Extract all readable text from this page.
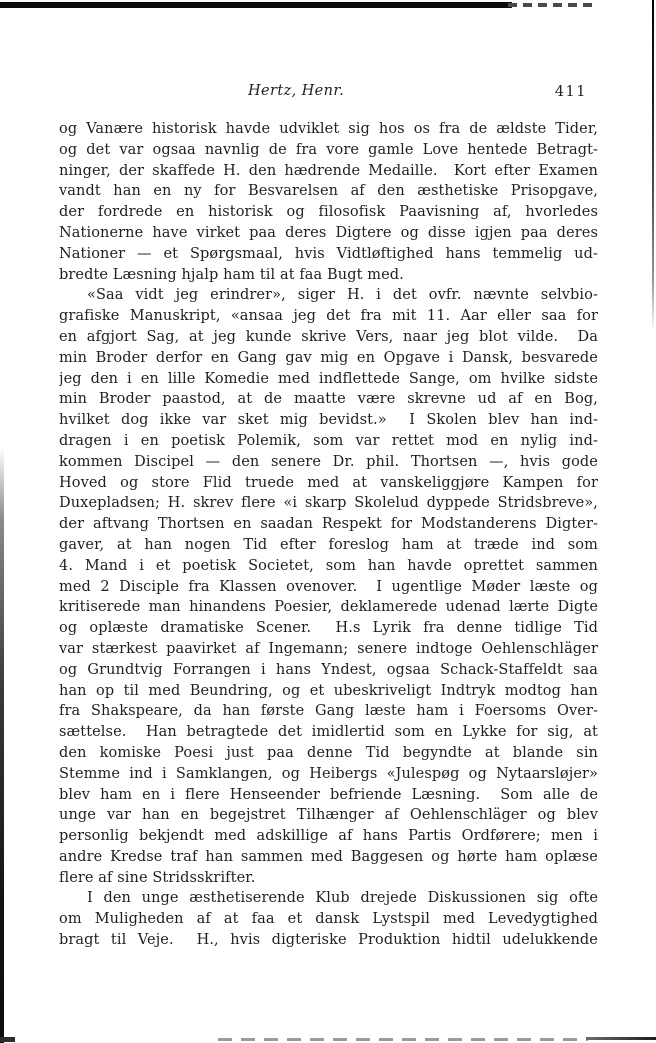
Hertz, Henr.	411
og Vanære historisk havde udviklet sig hos os fra de ældste Tider,
og det var ogsaa navnlig de fra vore gamle Love hentede Betragt-
ninger, der skaffede H. den hædrende Medaille.  Kort efter Examen
vandt han en ny for Besvarelsen af den æsthetiske Prisopgave,
der fordrede en historisk og filosofisk Paavisning af, hvorledes
Nationerne have virket paa deres Digtere og disse igjen paa deres
Nationer — et Spørgsmaal, hvis Vidtløftighed hans temmelig ud-
bredte Læsning hjalp ham til at faa Bugt med.
«Saa vidt jeg erindrer», siger H. i det ovfr. nævnte selvbio-
grafiske Manuskript, «ansaa jeg det fra mit 11. Aar eller saa for
en afgjort Sag, at jeg kunde skrive Vers, naar jeg blot vilde.  Da
min Broder derfor en Gang gav mig en Opgave i Dansk, besvarede
jeg den i en lille Komedie med indflettede Sange, om hvilke sidste
min Broder paastod, at de maatte være skrevne ud af en Bog,
hvilket dog ikke var sket mig bevidst.»  I Skolen blev han ind-
dragen i en poetisk Polemik, som var rettet mod en nylig ind-
kommen Discipel — den senere Dr. phil. Thortsen —, hvis gode
Hoved og store Flid truede med at vanskeliggjøre Kampen for
Duxepladsen; H. skrev flere «i skarp Skolelud dyppede Stridsbreve»,
der aftvang Thortsen en saadan Respekt for Modstanderens Digter-
gaver, at han nogen Tid efter foreslog ham at træde ind som
4. Mand i et poetisk Societet, som han havde oprettet sammen
med 2 Disciple fra Klassen ovenover.  I ugentlige Møder læste og
kritiserede man hinandens Poesier, deklamerede udenad lærte Digte
og oplæste dramatiske Scener.  H.s Lyrik fra denne tidlige Tid
var stærkest paavirket af Ingemann; senere indtoge Oehlenschläger
og Grundtvig Forrangen i hans Yndest, ogsaa Schack-Staffeldt saa
han op til med Beundring, og et ubeskriveligt Indtryk modtog han
fra Shakspeare, da han første Gang læste ham i Foersoms Over-
sættelse.  Han betragtede det imidlertid som en Lykke for sig, at
den komiske Poesi just paa denne Tid begyndte at blande sin
Stemme ind i Samklangen, og Heibergs «Julespøg og Nytaarsløjer»
blev ham en i flere Henseender befriende Læsning.  Som alle de
unge var han en begejstret Tilhænger af Oehlenschläger og blev
personlig bekjendt med adskillige af hans Partis Ordførere; men i
andre Kredse traf han sammen med Baggesen og hørte ham oplæse
flere af sine Stridsskrifter.
I den unge æsthetiserende Klub drejede Diskussionen sig ofte
om Muligheden af at faa et dansk Lystspil med Levedygtighed
bragt til Veje.  H., hvis digteriske Produktion hidtil udelukkende
